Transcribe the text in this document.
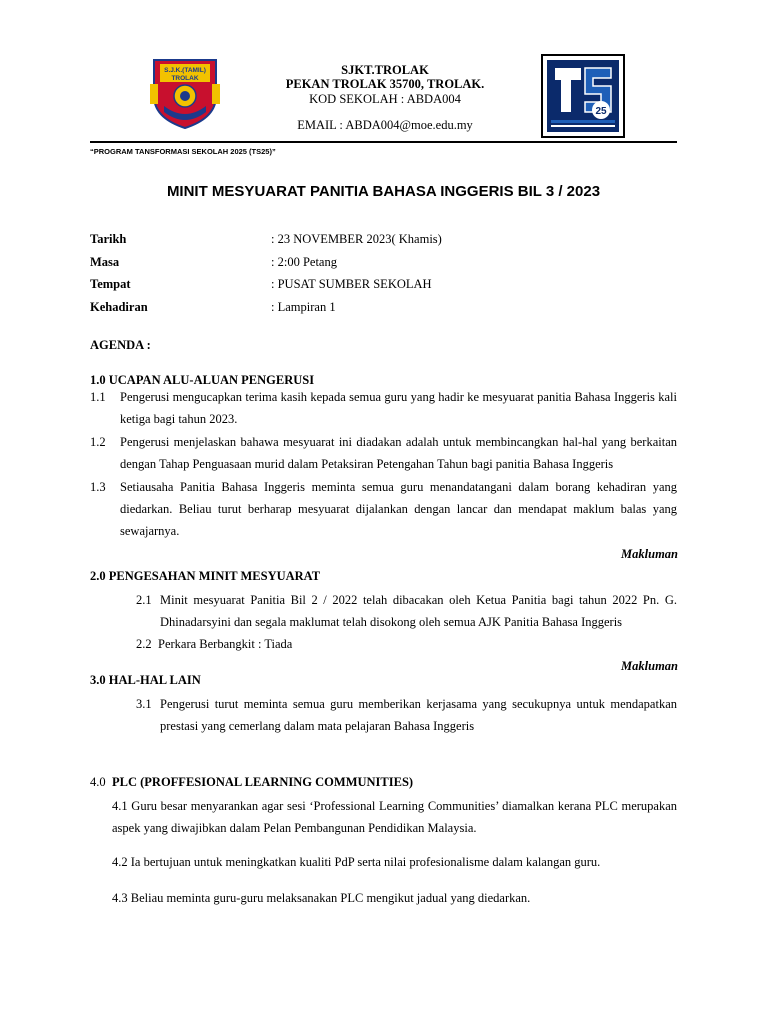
S.J.K.(TAMIL)
TROLAK
SJKT.TROLAK
PEKAN TROLAK 35700, TROLAK.
KOD SEKOLAH : ABDA004
EMAIL : ABDA004@moe.edu.my
25
“PROGRAM TANSFORMASI SEKOLAH 2025 (TS25)”
MINIT MESYUARAT PANITIA BAHASA INGGERIS BIL 3 / 2023
Tarikh	: 23 NOVEMBER 2023( Khamis)
Masa	: 2:00 Petang
Tempat	: PUSAT SUMBER SEKOLAH
Kehadiran	: Lampiran 1
AGENDA :
1.0 UCAPAN ALU-ALUAN PENGERUSI
1.1 Pengerusi mengucapkan terima kasih kepada semua guru yang hadir ke mesyuarat panitia Bahasa Inggeris kali ketiga bagi tahun 2023.
1.2 Pengerusi menjelaskan bahawa mesyuarat ini diadakan adalah untuk membincangkan hal-hal yang berkaitan dengan Tahap Penguasaan murid dalam Petaksiran Petengahan Tahun bagi panitia Bahasa Inggeris
1.3 Setiausaha Panitia Bahasa Inggeris meminta semua guru menandatangani dalam borang kehadiran yang diedarkan. Beliau turut berharap mesyuarat dijalankan dengan lancar dan mendapat maklum balas yang sewajarnya.
Makluman
2.0 PENGESAHAN MINIT MESYUARAT
2.1 Minit mesyuarat Panitia Bil 2 / 2022 telah dibacakan oleh Ketua Panitia bagi tahun 2022 Pn. G. Dhinadarsyini dan segala maklumat telah disokong oleh semua AJK Panitia Bahasa Inggeris
2.2 Perkara Berbangkit : Tiada
Makluman
3.0 HAL-HAL LAIN
3.1 Pengerusi turut meminta semua guru memberikan kerjasama yang secukupnya untuk mendapatkan prestasi yang cemerlang dalam mata pelajaran Bahasa Inggeris
4.0 PLC (PROFFESIONAL LEARNING COMMUNITIES)
4.1 Guru besar menyarankan agar sesi ‘Professional Learning Communities’ diamalkan kerana PLC merupakan aspek yang diwajibkan dalam Pelan Pembangunan Pendidikan Malaysia.
4.2 Ia bertujuan untuk meningkatkan kualiti PdP serta nilai profesionalisme dalam kalangan guru.
4.3 Beliau meminta guru-guru melaksanakan PLC mengikut jadual yang diedarkan.
